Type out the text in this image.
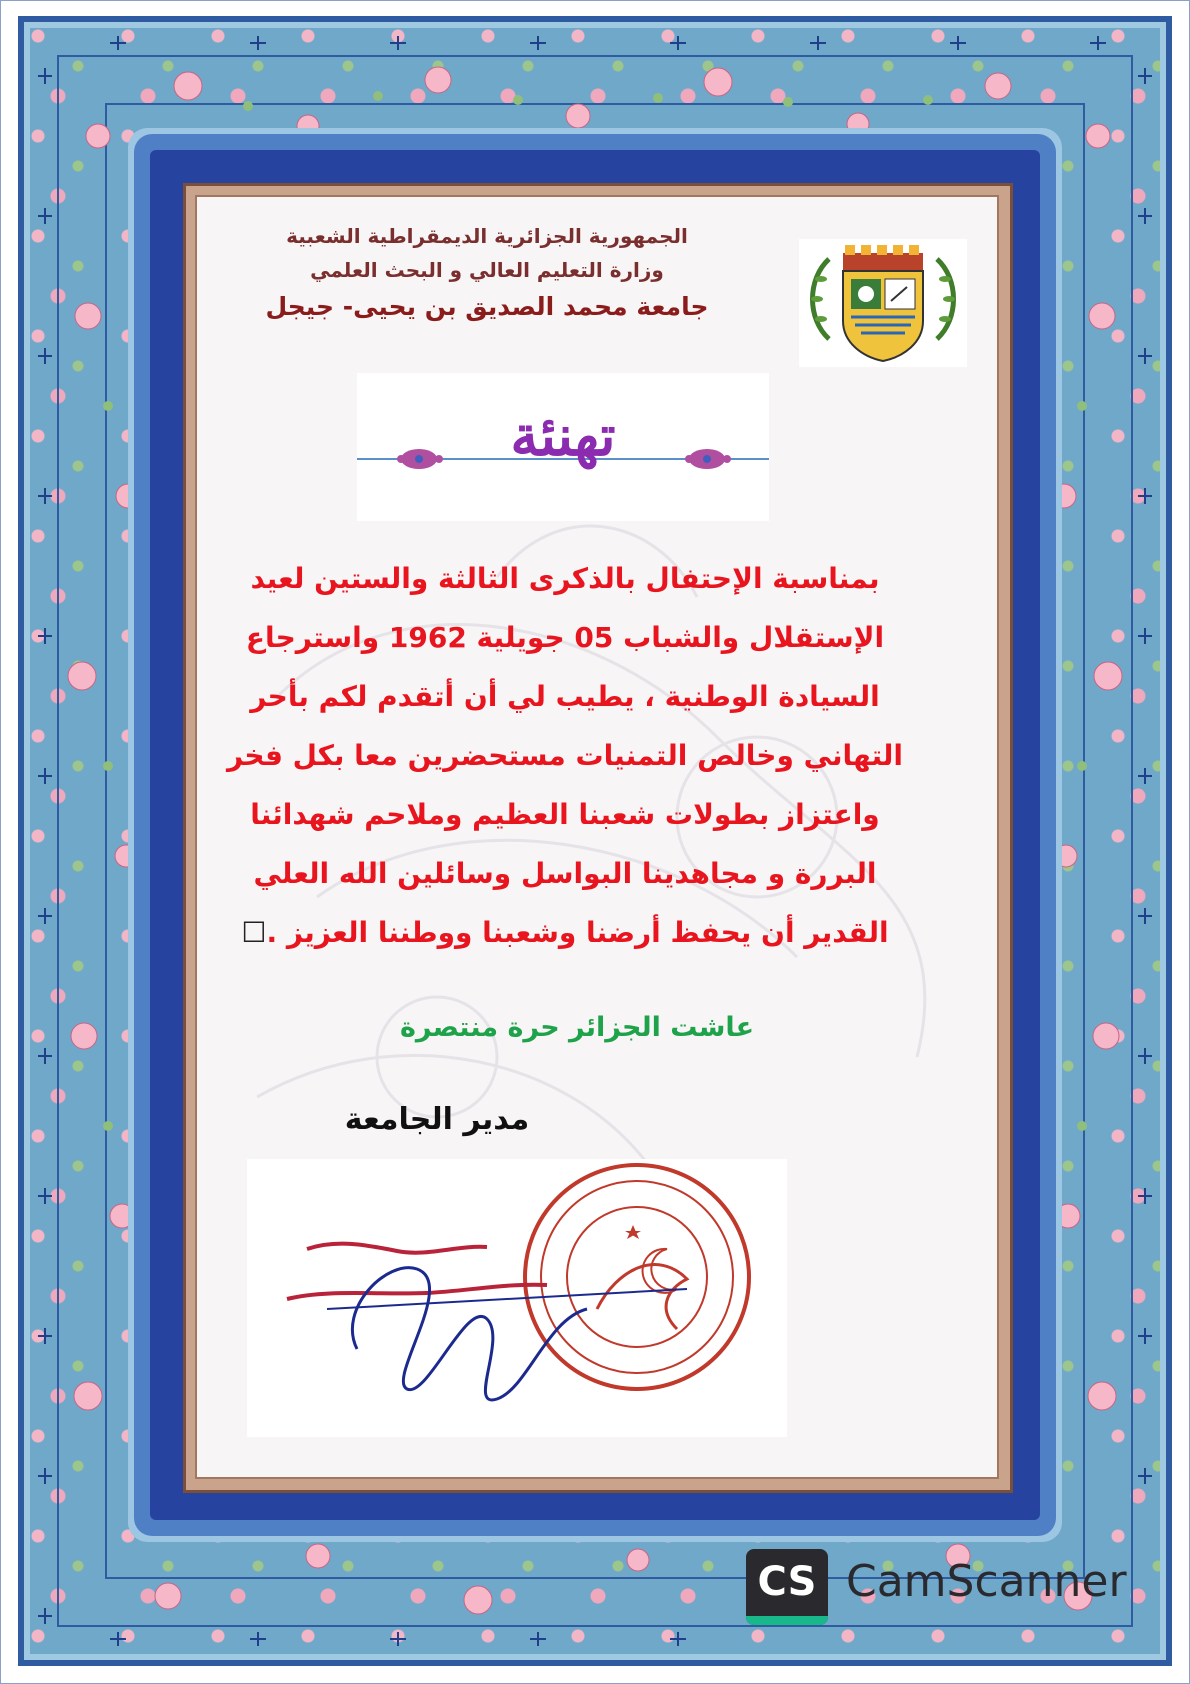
الجمهورية الجزائرية الديمقراطية الشعبية
وزارة التعليم العالي و البحث العلمي
جامعة محمد الصديق بن يحيى- جيجل
تهنئة
بمناسبة الإحتفال بالذكرى الثالثة والستين لعيد
الإستقلال والشباب 05 جويلية 1962 واسترجاع
السيادة الوطنية ، يطيب لي أن أتقدم لكم بأحر
التهاني وخالص التمنيات مستحضرين معا بكل فخر
واعتزاز بطولات شعبنا العظيم وملاحم شهدائنا
البررة و مجاهدينا البواسل وسائلين الله العلي
القدير أن يحفظ أرضنا وشعبنا ووطننا العزيز .☐
عاشت الجزائر حرة منتصرة
مدير الجامعة
CS CamScanner
